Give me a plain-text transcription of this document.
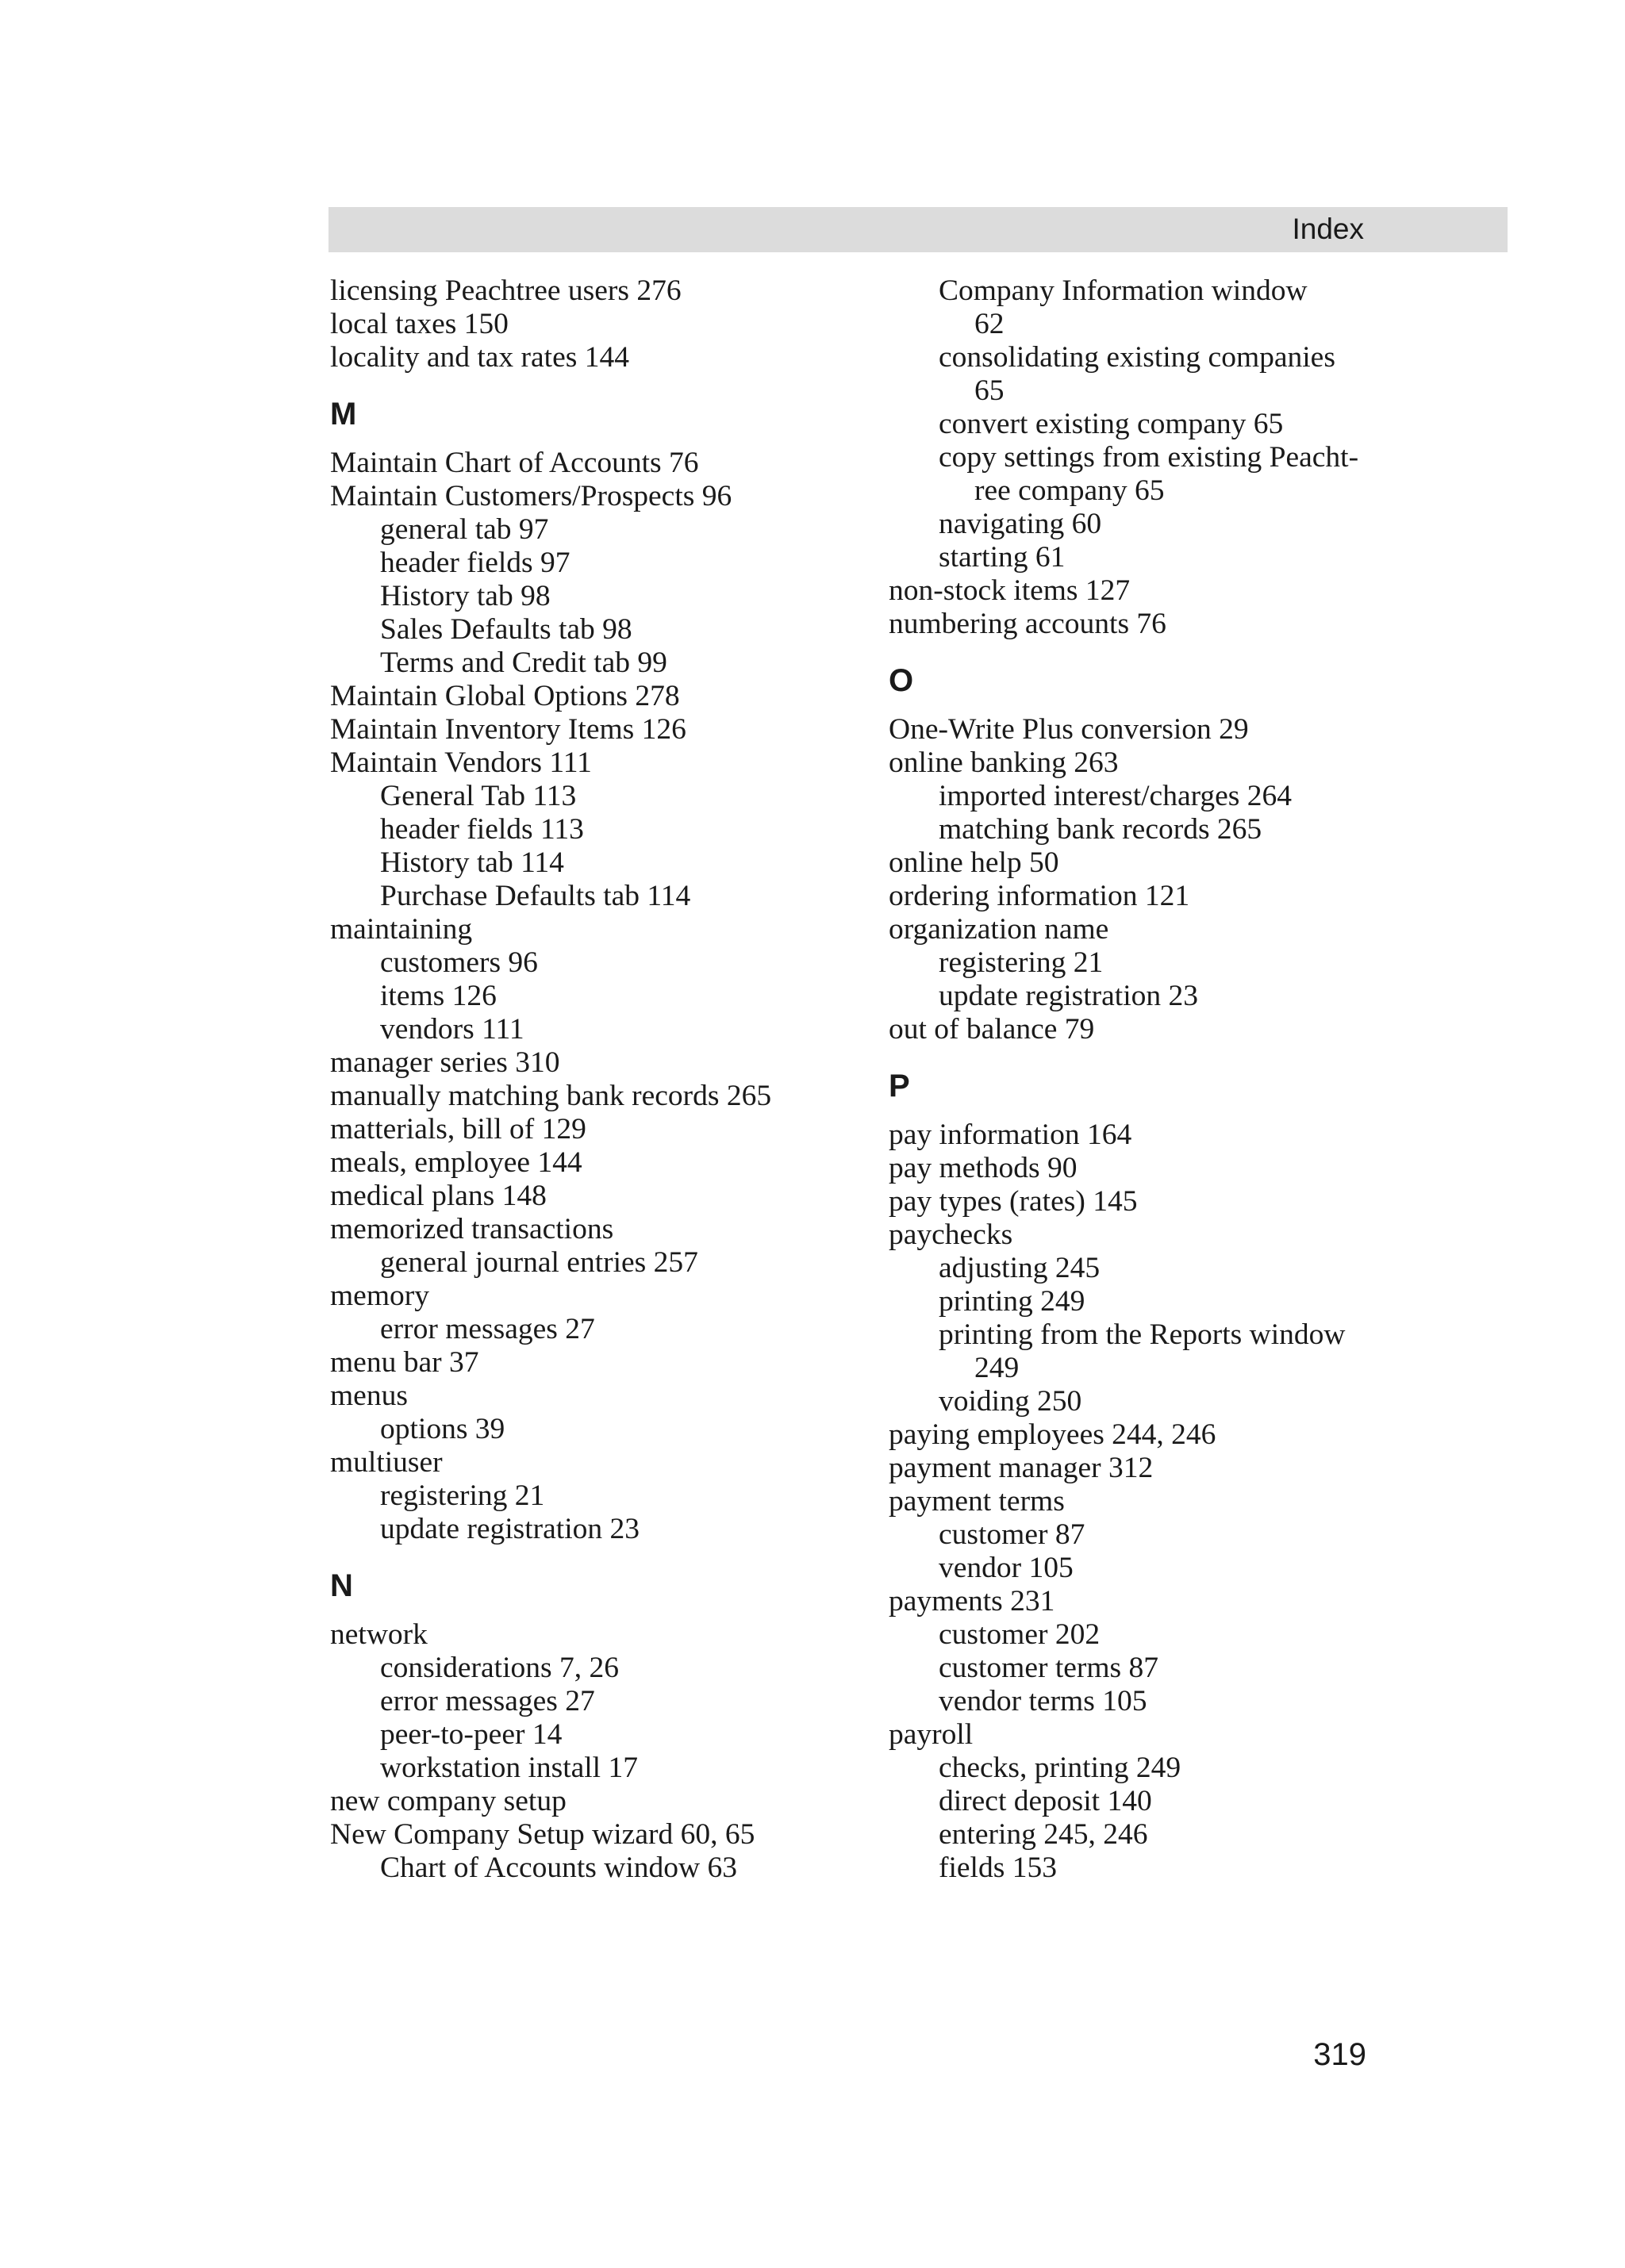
Index
licensing Peachtree users 276
local taxes 150
locality and tax rates 144
M
Maintain Chart of Accounts 76
Maintain Customers/Prospects 96
general tab 97
header fields 97
History tab 98
Sales Defaults tab 98
Terms and Credit tab 99
Maintain Global Options 278
Maintain Inventory Items 126
Maintain Vendors 111
General Tab 113
header fields 113
History tab 114
Purchase Defaults tab 114
maintaining
customers 96
items 126
vendors 111
manager series 310
manually matching bank records 265
matterials, bill of 129
meals, employee 144
medical plans 148
memorized transactions
general journal entries 257
memory
error messages 27
menu bar 37
menus
options 39
multiuser
registering 21
update registration 23
N
network
considerations 7, 26
error messages 27
peer-to-peer 14
workstation install 17
new company setup
New Company Setup wizard 60, 65
Chart of Accounts window 63
Company Information window
62
consolidating existing companies
65
convert existing company 65
copy settings from existing Peacht-
ree company 65
navigating 60
starting 61
non-stock items 127
numbering accounts 76
O
One-Write Plus conversion 29
online banking 263
imported interest/charges 264
matching bank records 265
online help 50
ordering information 121
organization name
registering 21
update registration 23
out of balance 79
P
pay information 164
pay methods 90
pay types (rates) 145
paychecks
adjusting 245
printing 249
printing from the Reports window
249
voiding 250
paying employees 244, 246
payment manager 312
payment terms
customer 87
vendor 105
payments 231
customer 202
customer terms 87
vendor terms 105
payroll
checks, printing 249
direct deposit 140
entering 245, 246
fields 153
319
